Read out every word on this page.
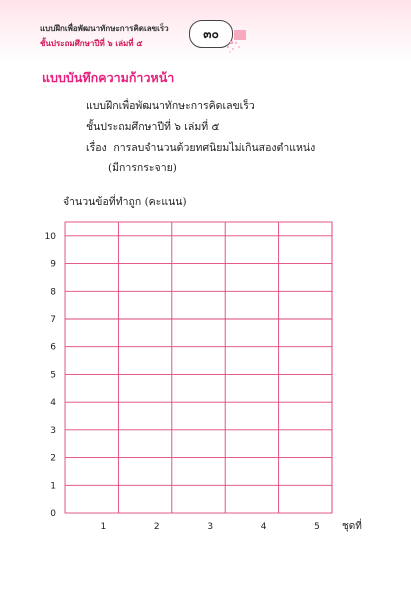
แบบฝึกเพื่อพัฒนาทักษะการคิดเลขเร็ว
ชั้นประถมศึกษาปีที่ ๖ เล่มที่ ๕
๓๐
แบบบันทึกความก้าวหน้า
แบบฝึกเพื่อพัฒนาทักษะการคิดเลขเร็ว
ชั้นประถมศึกษาปีที่ ๖ เล่มที่ ๕
เรื่อง การลบจำนวนด้วยทศนิยมไม่เกินสองตำแหน่ง
(มีการกระจาย)
จำนวนข้อที่ทำถูก (คะแนน)
0
1
2
3
4
5
6
7
8
9
10
1	2	3	4	5 ชุดที่
